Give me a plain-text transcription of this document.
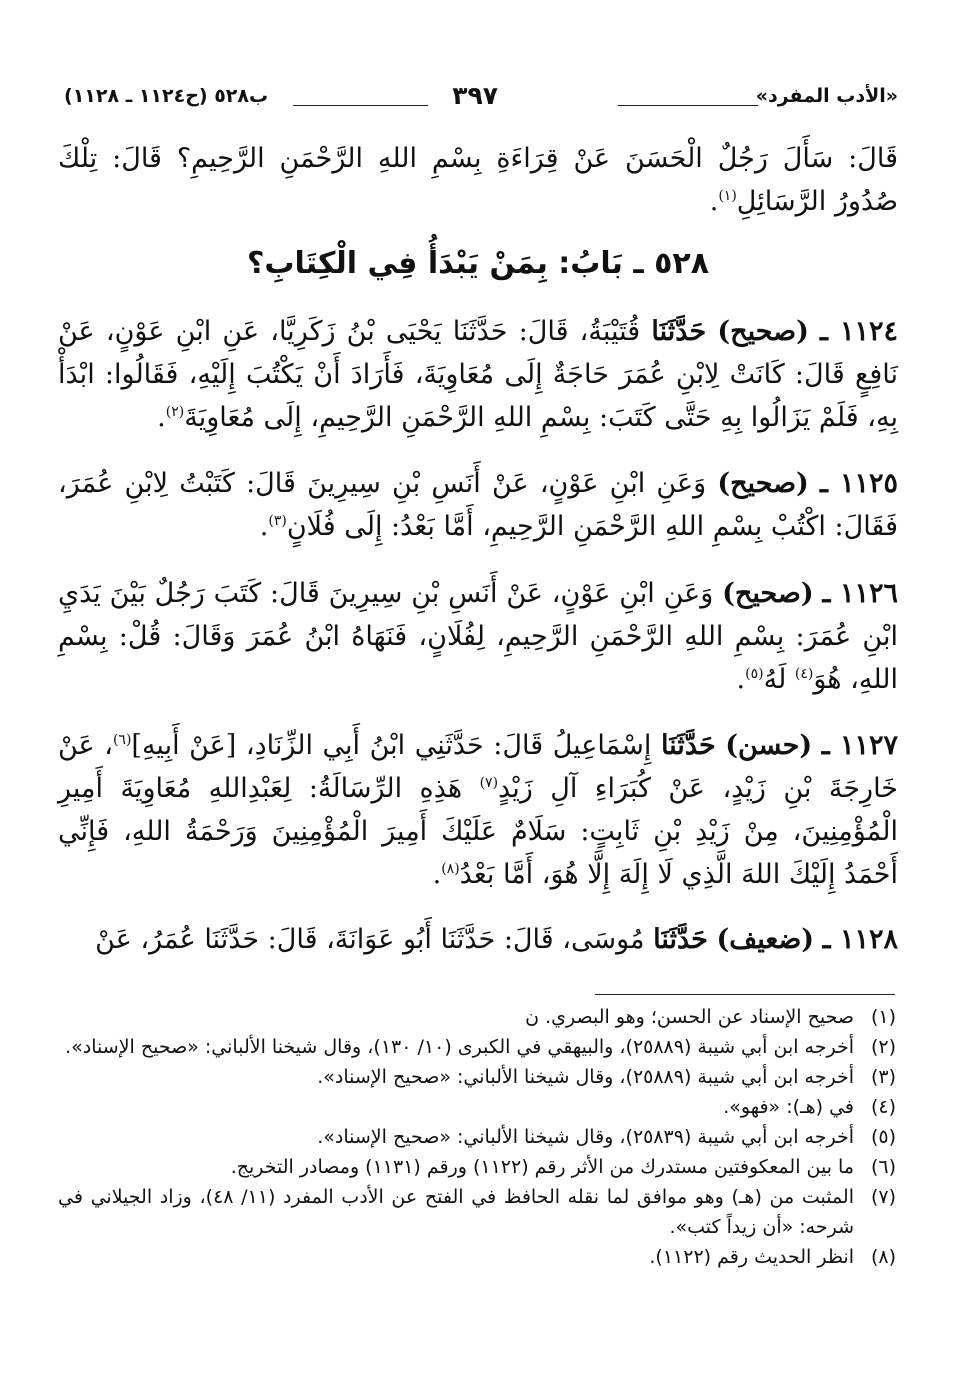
«الأدب المفرد»
٣٩٧
ب٥٢٨ (ح١١٢٤ ـ ١١٢٨)
قَالَ: سَأَلَ رَجُلٌ الْحَسَنَ عَنْ قِرَاءَةِ بِسْمِ اللهِ الرَّحْمَنِ الرَّحِيمِ؟ قَالَ: تِلْكَ صُدُورُ الرَّسَائِلِ$^{(١)}$.
٥٢٨ ـ بَابُ: بِمَنْ يَبْدَأُ فِي الْكِتَابِ؟
١١٢٤ ـ (صحيح) حَدَّثَنَا قُتَيْبَةُ، قَالَ: حَدَّثَنَا يَحْيَى بْنُ زَكَرِيَّا، عَنِ ابْنِ عَوْنٍ، عَنْ نَافِعٍ قَالَ: كَانَتْ لِابْنِ عُمَرَ حَاجَةٌ إِلَى مُعَاوِيَةَ، فَأَرَادَ أَنْ يَكْتُبَ إِلَيْهِ، فَقَالُوا: ابْدَأْ بِهِ، فَلَمْ يَزَالُوا بِهِ حَتَّى كَتَبَ: بِسْمِ اللهِ الرَّحْمَنِ الرَّحِيمِ، إِلَى مُعَاوِيَةَ$^{(٢)}$.
١١٢٥ ـ (صحيح) وَعَنِ ابْنِ عَوْنٍ، عَنْ أَنَسِ بْنِ سِيرِينَ قَالَ: كَتَبْتُ لِابْنِ عُمَرَ، فَقَالَ: اكْتُبْ بِسْمِ اللهِ الرَّحْمَنِ الرَّحِيمِ، أَمَّا بَعْدُ: إِلَى فُلَانٍ$^{(٣)}$.
١١٢٦ ـ (صحيح) وَعَنِ ابْنِ عَوْنٍ، عَنْ أَنَسِ بْنِ سِيرِينَ قَالَ: كَتَبَ رَجُلٌ بَيْنَ يَدَيِ ابْنِ عُمَرَ: بِسْمِ اللهِ الرَّحْمَنِ الرَّحِيمِ، لِفُلَانٍ، فَنَهَاهُ ابْنُ عُمَرَ وَقَالَ: قُلْ: بِسْمِ اللهِ، هُوَ$^{(٤)}$ لَهُ$^{(٥)}$.
١١٢٧ ـ (حسن) حَدَّثَنَا إِسْمَاعِيلُ قَالَ: حَدَّثَنِي ابْنُ أَبِي الزِّنَادِ، [عَنْ أَبِيهِ]$^{(٦)}$، عَنْ خَارِجَةَ بْنِ زَيْدٍ، عَنْ كُبَرَاءِ آلِ زَيْدٍ$^{(٧)}$ هَذِهِ الرِّسَالَةُ: لِعَبْدِاللهِ مُعَاوِيَةَ أَمِيرِ الْمُؤْمِنِينَ، مِنْ زَيْدِ بْنِ ثَابِتٍ: سَلَامٌ عَلَيْكَ أَمِيرَ الْمُؤْمِنِينَ وَرَحْمَةُ اللهِ، فَإِنِّي أَحْمَدُ إِلَيْكَ اللهَ الَّذِي لَا إِلَهَ إِلَّا هُوَ، أَمَّا بَعْدُ$^{(٨)}$.
١١٢٨ ـ (ضعيف) حَدَّثَنَا مُوسَى، قَالَ: حَدَّثَنَا أَبُو عَوَانَةَ، قَالَ: حَدَّثَنَا عُمَرُ، عَنْ
(١)
صحيح الإسناد عن الحسن؛ وهو البصري. ن
(٢)
أخرجه ابن أبي شيبة (٢٥٨٨٩)، والبيهقي في الكبرى (١٠/ ١٣٠)، وقال شيخنا الألباني: «صحيح الإسناد».
(٣)
أخرجه ابن أبي شيبة (٢٥٨٨٩)، وقال شيخنا الألباني: «صحيح الإسناد».
(٤)
في (هـ): «فهو».
(٥)
أخرجه ابن أبي شيبة (٢٥٨٣٩)، وقال شيخنا الألباني: «صحيح الإسناد».
(٦)
ما بين المعكوفتين مستدرك من الأثر رقم (١١٢٢) ورقم (١١٣١) ومصادر التخريج.
(٧)
المثبت من (هـ) وهو موافق لما نقله الحافظ في الفتح عن الأدب المفرد (١١/ ٤٨)، وزاد الجيلاني في شرحه: «أن زيداً كتب».
(٨)
انظر الحديث رقم (١١٢٢).
